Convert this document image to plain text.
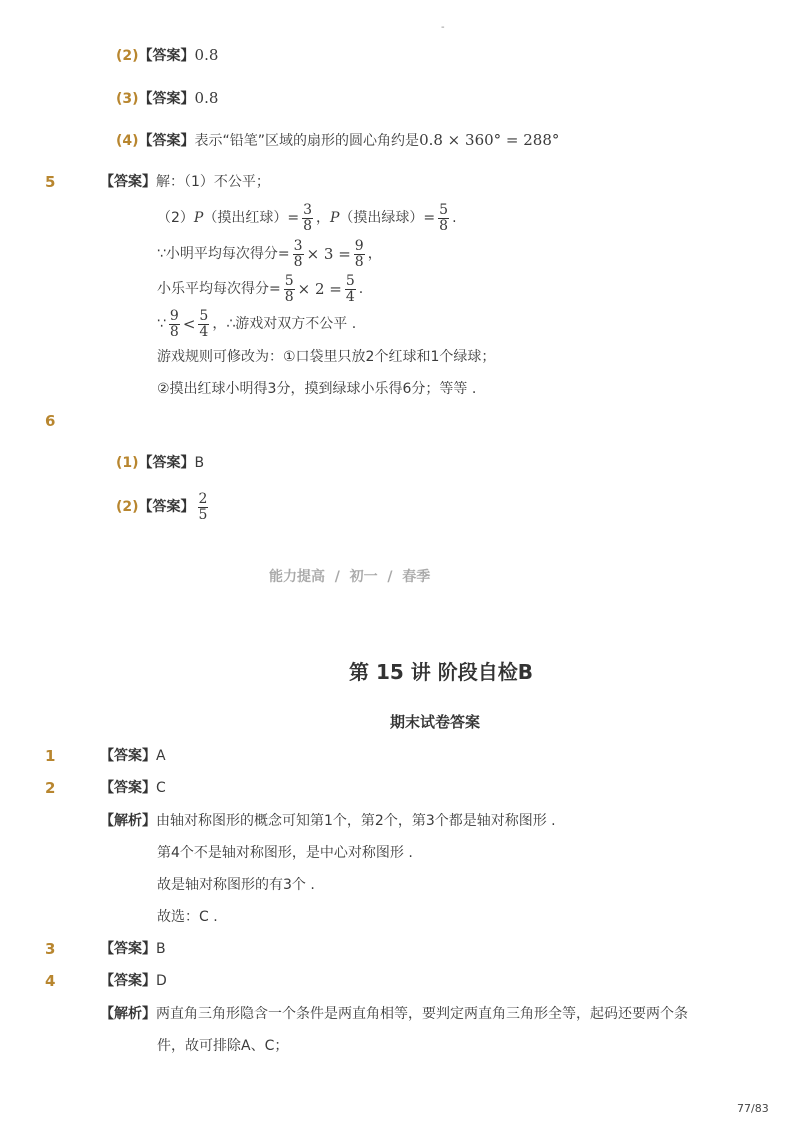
-
(2)【答案】0.8
(3)【答案】0.8
(4)【答案】表示“铅笔”区域的扇形的圆心角约是0.8 × 360° = 288°
5	【答案】解：（1）不公平；
（2） P （摸出红球）= $\frac{3}{8}$ ， P （摸出绿球）= $\frac{5}{8}$ .
∵小明平均每次得分= $\frac{3}{8} \times 3 = \frac{9}{8}$ ，
小乐平均每次得分= $\frac{5}{8} \times 2 = \frac{5}{4}$ .
∵ $\frac{9}{8} < \frac{5}{4}$ ，∴游戏对双方不公平 .
游戏规则可修改为：①口袋里只放2个红球和1个绿球；
②摸出红球小明得3分，摸到绿球小乐得6分；等等 .
6
(1)【答案】B
(2) 【答案】 $\frac{2}{5}$
能力提高 / 初一 / 春季
第 15 讲 阶段自检B
期末试卷答案
1	【答案】A
2	【答案】C
【解析】由轴对称图形的概念可知第1个，第2个，第3个都是轴对称图形 .
第4个不是轴对称图形，是中心对称图形 .
故是轴对称图形的有3个 .
故选：C .
3	【答案】B
4	【答案】D
【解析】两直角三角形隐含一个条件是两直角相等，要判定两直角三角形全等，起码还要两个条
件，故可排除A、C；
77/83
